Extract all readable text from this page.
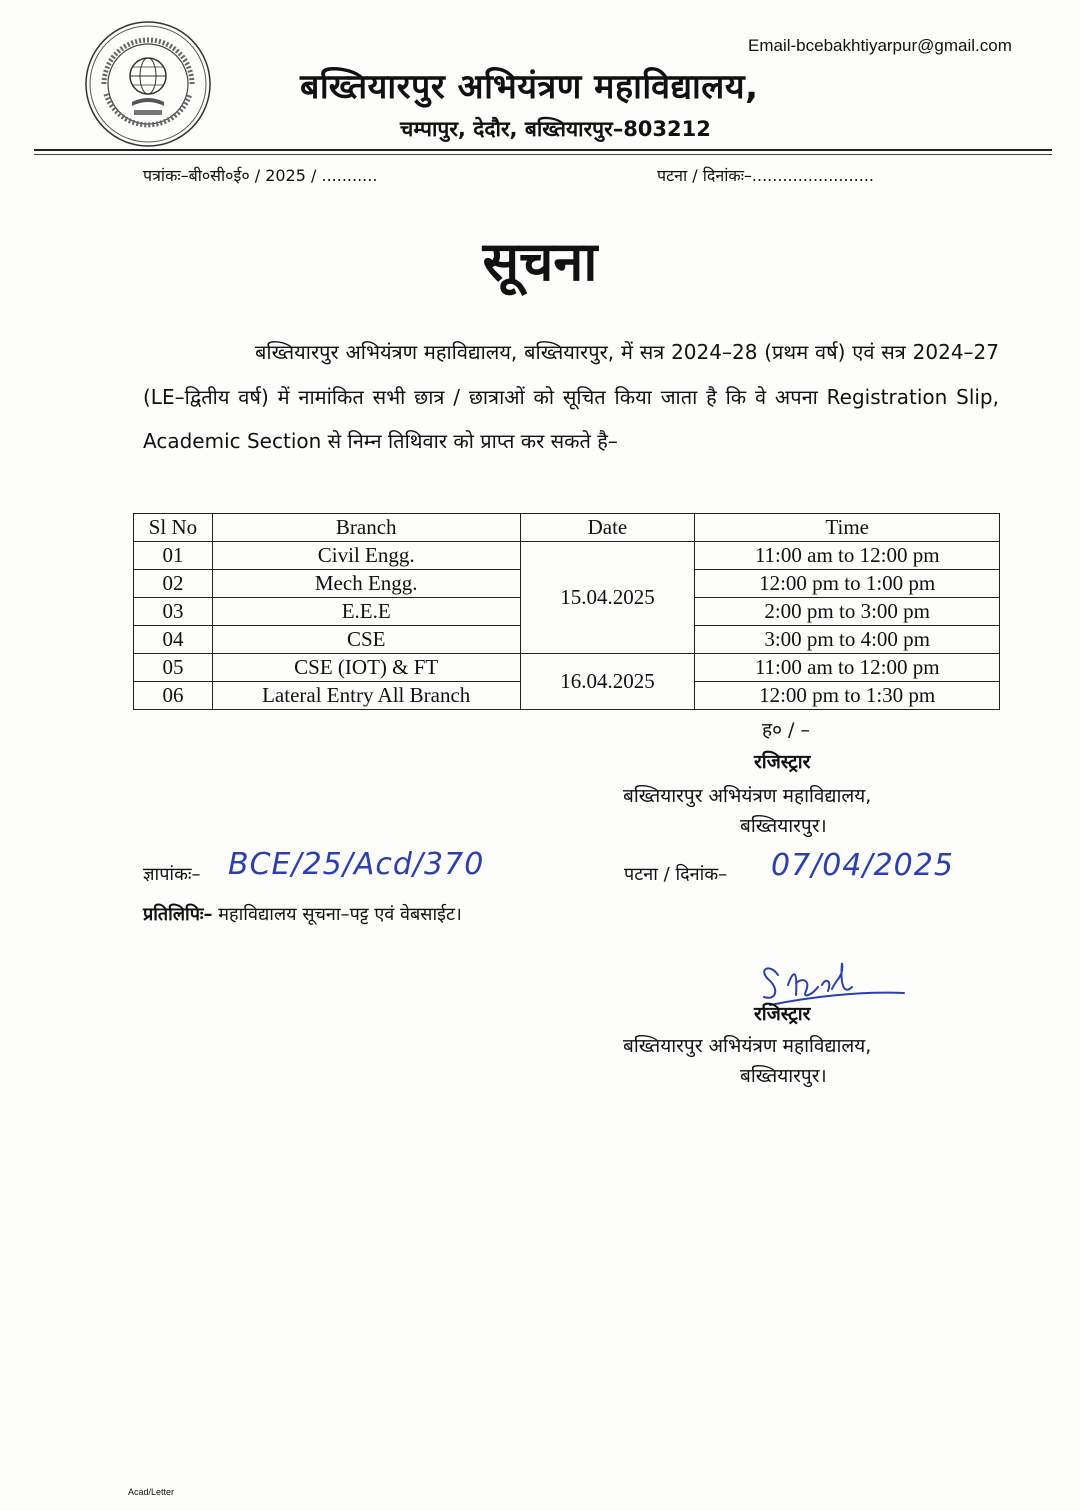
Email-bcebakhtiyarpur@gmail.com
बख्तियारपुर अभियंत्रण महाविद्यालय,
चम्पापुर, देदौर, बख्तियारपुर–803212
पत्रांकः–बी०सी०ई० / 2025 / ...........	पटना / दिनांकः–........................
सूचना
बख्तियारपुर अभियंत्रण महाविद्यालय, बख्तियारपुर, में सत्र 2024–28 (प्रथम वर्ष) एवं सत्र 2024–27 (LE–द्वितीय वर्ष) में नामांकित सभी छात्र / छात्राओं को सूचित किया जाता है कि वे अपना Registration Slip, Academic Section से निम्न तिथिवार को प्राप्त कर सकते है–
Sl No	Branch	Date	Time
01	Civil Engg.	15.04.2025	11:00 am to 12:00 pm
02	Mech Engg.		12:00 pm to 1:00 pm
03	E.E.E		2:00 pm to 3:00 pm
04	CSE		3:00 pm to 4:00 pm
05	CSE (IOT) & FT	16.04.2025	11:00 am to 12:00 pm
06	Lateral Entry All Branch		12:00 pm to 1:30 pm
ह० / –
रजिस्ट्रार
बख्तियारपुर अभियंत्रण महाविद्यालय,
बख्तियारपुर।
ज्ञापांकः– BCE/25/Acd/370	पटना / दिनांक– 07/04/2025
प्रतिलिपिः– महाविद्यालय सूचना–पट्ट एवं वेबसाईट।
रजिस्ट्रार
बख्तियारपुर अभियंत्रण महाविद्यालय,
बख्तियारपुर।
Acad/Letter
